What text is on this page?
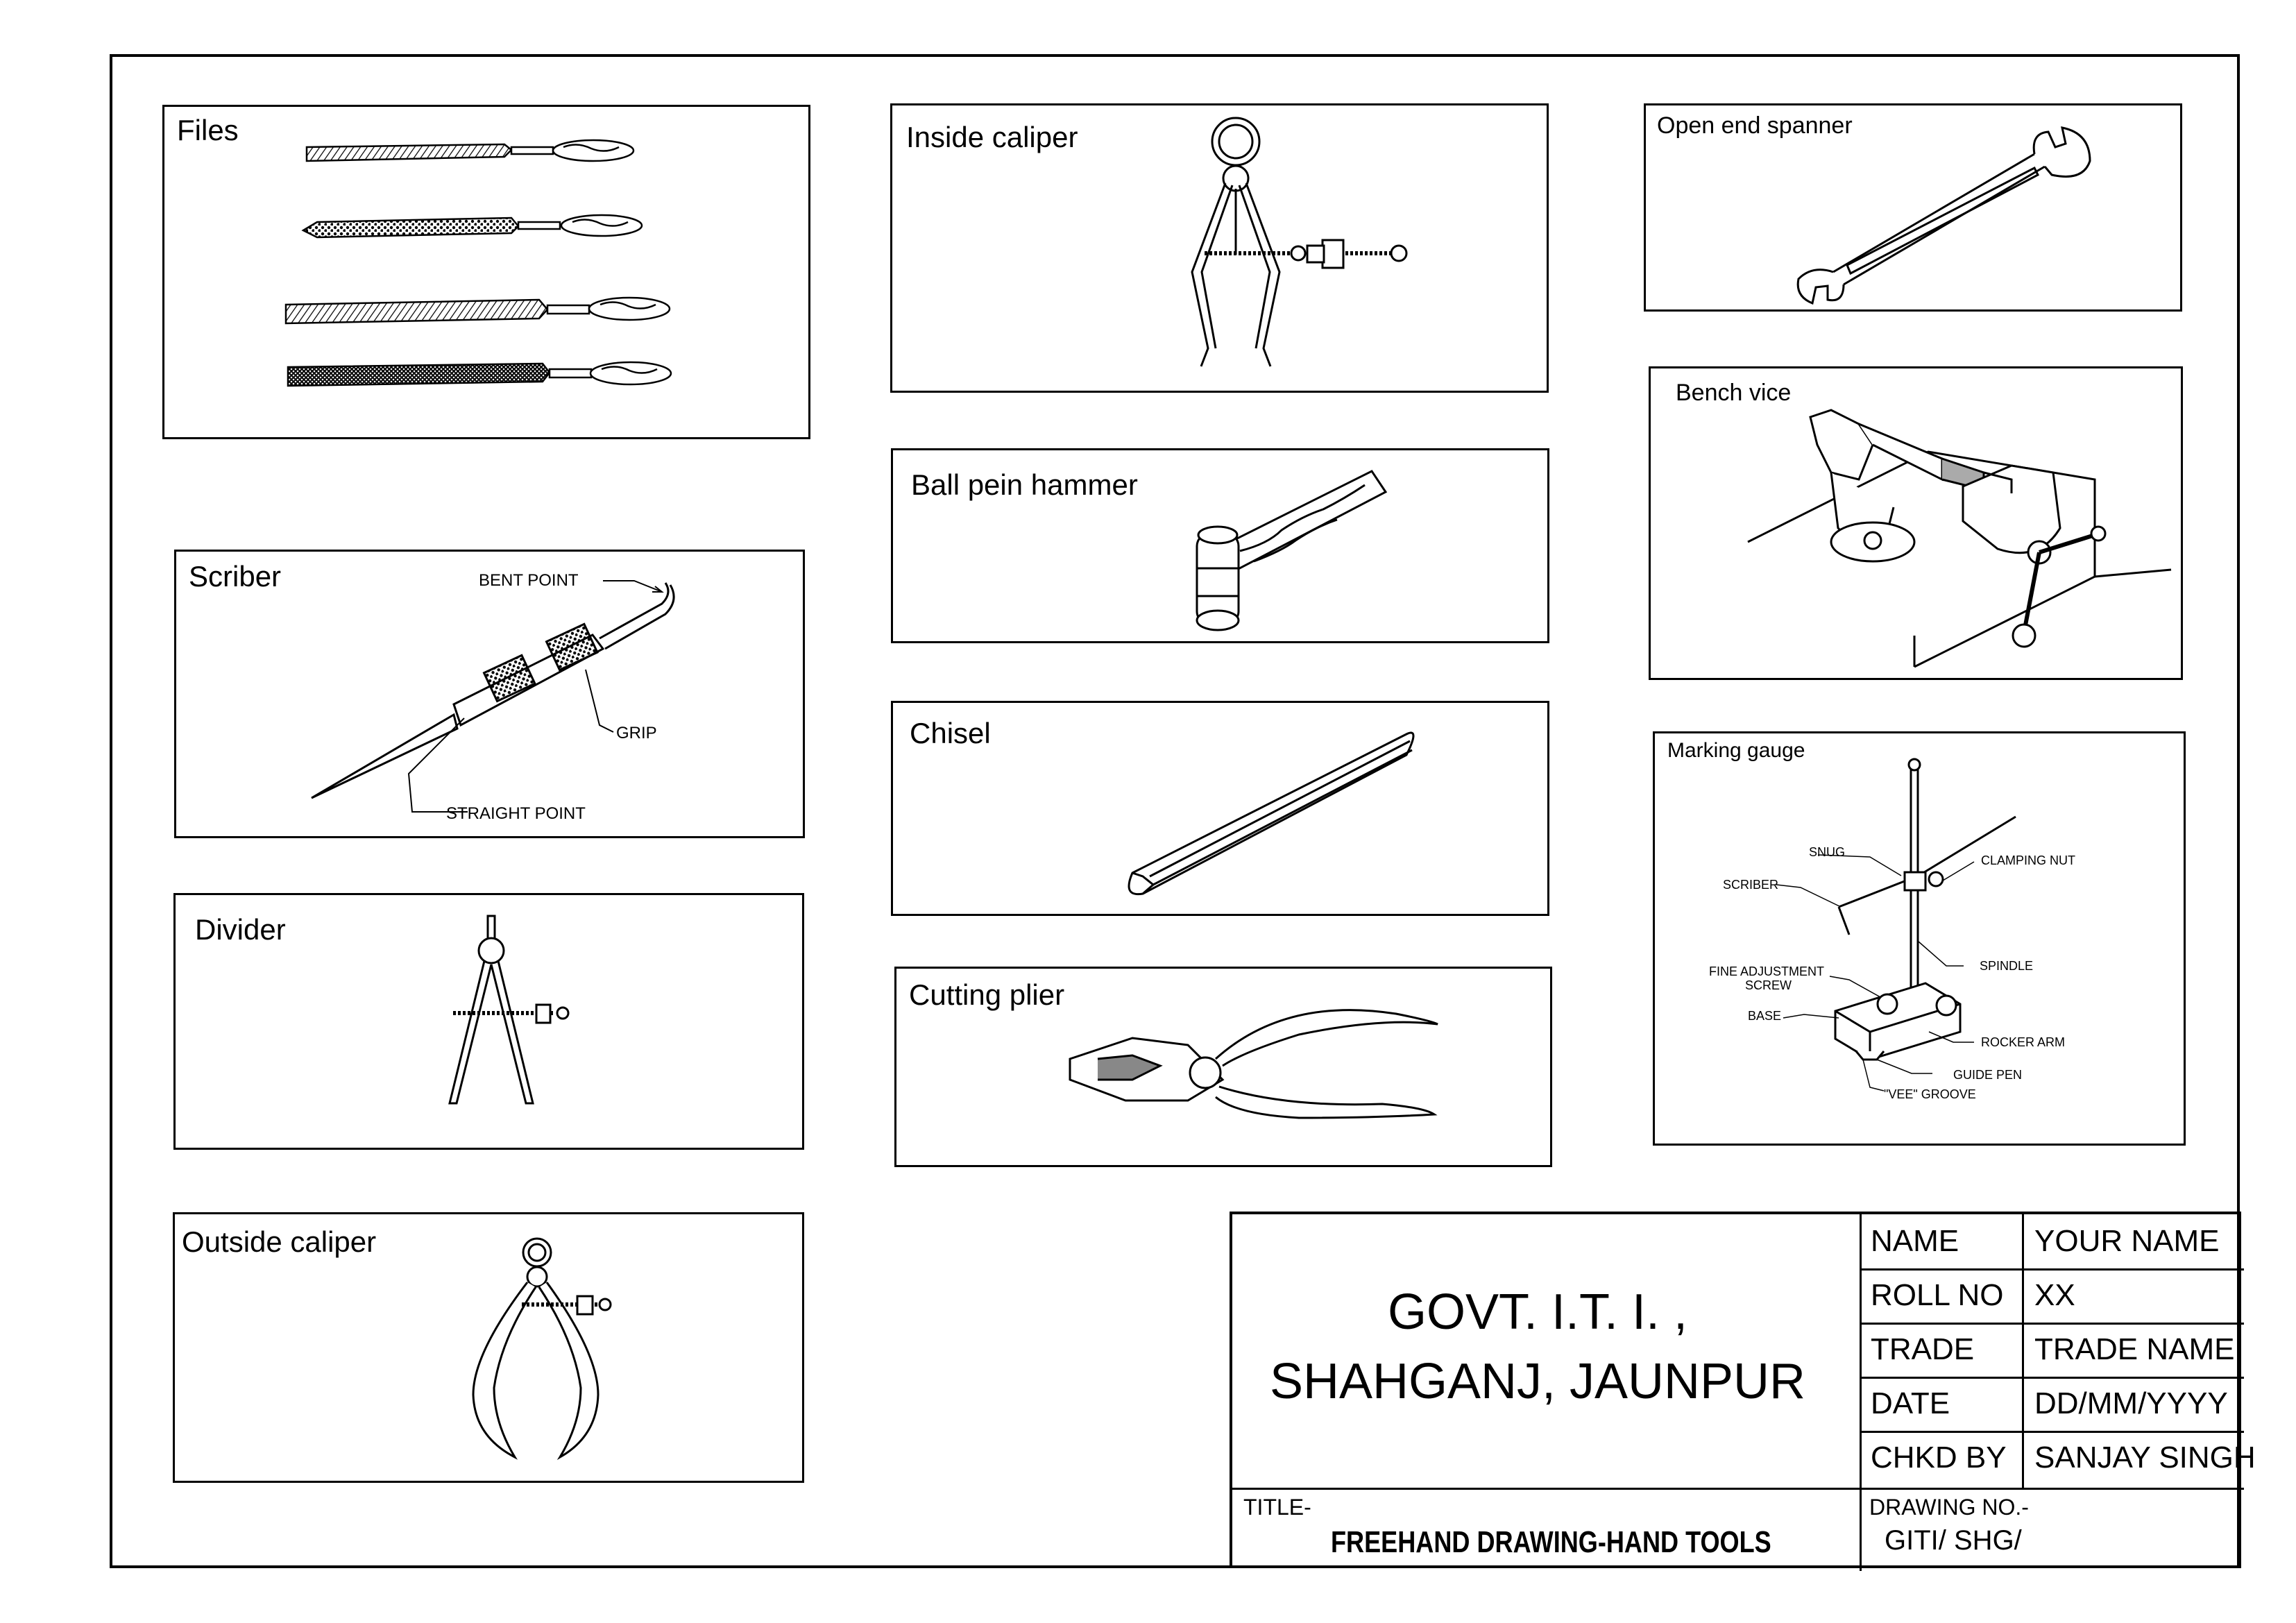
Files	Inside caliper	Open end spanner
Bench vice
Scriber	BENT POINT
GRIP
STRAIGHT POINT
Ball pein hammer
Chisel
Divider
Cutting plier
Marking gauge
SNUG
CLAMPING NUT
SCRIBER
SPINDLE
FINE ADJUSTMENT
SCREW
BASE
ROCKER ARM
GUIDE PEN
"VEE" GROOVE
Outside caliper
GOVT. I.T. I. ,
SHAHGANJ, JAUNPUR
NAME YOUR NAME
ROLL NO XX
TRADE TRADE NAME
DATE	DD/MM/YYYY
CHKD BY SANJAY SINGH
TITLE-
FREEHAND DRAWING-HAND TOOLS
DRAWING NO.-
GITI/ SHG/
